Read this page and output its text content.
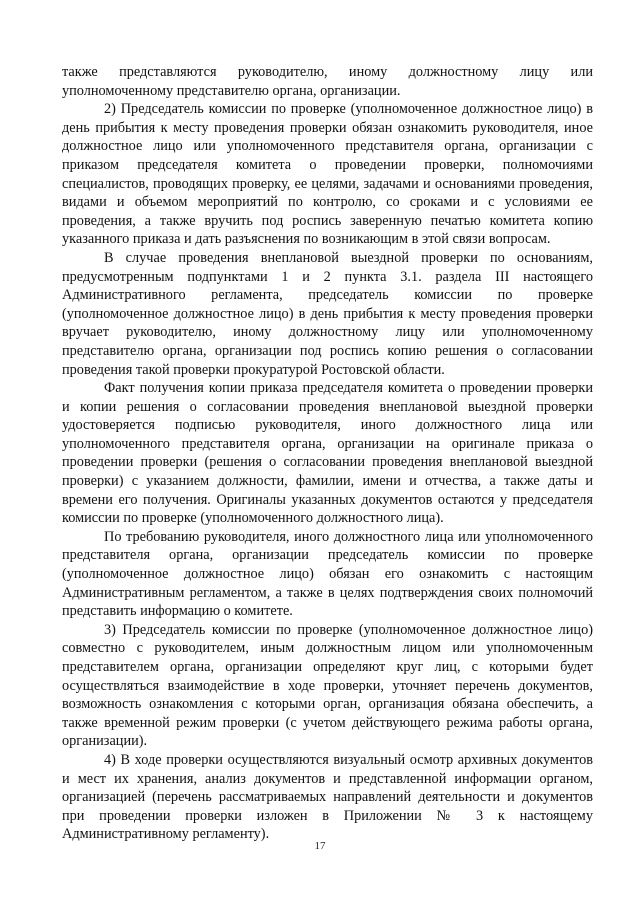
также представляются руководителю, иному должностному лицу или уполномоченному представителю органа, организации.

2) Председатель комиссии по проверке (уполномоченное должностное лицо) в день прибытия к месту проведения проверки обязан ознакомить руководителя, иное должностное лицо или уполномоченного представителя органа, организации с приказом председателя комитета о проведении проверки, полномочиями специалистов, проводящих проверку, ее целями, задачами и основаниями проведения, видами и объемом мероприятий по контролю, со сроками и с условиями ее проведения, а также вручить под роспись заверенную печатью комитета копию указанного приказа и дать разъяснения по возникающим в этой связи вопросам.

В случае проведения внеплановой выездной проверки по основаниям, предусмотренным подпунктами 1 и 2 пункта 3.1. раздела III настоящего Административного регламента, председатель комиссии по проверке (уполномоченное должностное лицо) в день прибытия к месту проведения проверки вручает руководителю, иному должностному лицу или уполномоченному представителю органа, организации под роспись копию решения о согласовании проведения такой проверки прокуратурой Ростовской области.

Факт получения копии приказа председателя комитета о проведении проверки и копии решения о согласовании проведения внеплановой выездной проверки удостоверяется подписью руководителя, иного должностного лица или уполномоченного представителя органа, организации на оригинале приказа о проведении проверки (решения о согласовании проведения внеплановой выездной проверки) с указанием должности, фамилии, имени и отчества, а также даты и времени его получения. Оригиналы указанных документов остаются у председателя комиссии по проверке (уполномоченного должностного лица).

По требованию руководителя, иного должностного лица или уполномоченного представителя органа, организации председатель комиссии по проверке (уполномоченное должностное лицо) обязан его ознакомить с настоящим Административным регламентом, а также в целях подтверждения своих полномочий представить информацию о комитете.

3) Председатель комиссии по проверке (уполномоченное должностное лицо) совместно с руководителем, иным должностным лицом или уполномоченным представителем органа, организации определяют круг лиц, с которыми будет осуществляться взаимодействие в ходе проверки, уточняет перечень документов, возможность ознакомления с которыми орган, организация обязана обеспечить, а также временной режим проверки (с учетом действующего режима работы органа, организации).

4) В ходе проверки осуществляются визуальный осмотр архивных документов и мест их хранения, анализ документов и представленной информации органом, организацией (перечень рассматриваемых направлений деятельности и документов при проведении проверки изложен в Приложении № 3 к настоящему Административному регламенту).

17
